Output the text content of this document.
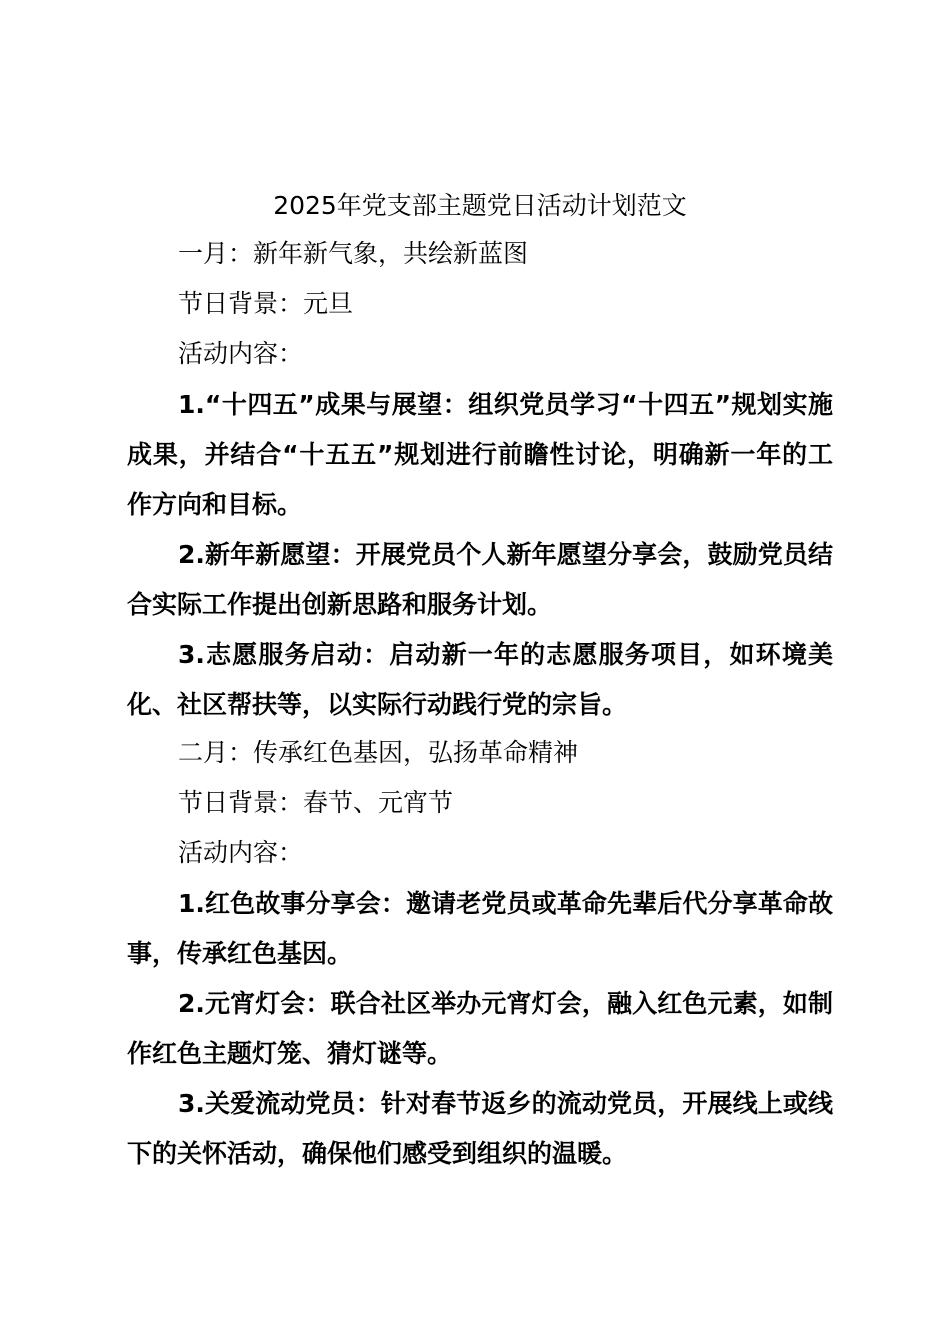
2025年党支部主题党日活动计划范文
一月：新年新气象，共绘新蓝图
节日背景：元旦
活动内容：
1.“十四五”成果与展望：组织党员学习“十四五”规划实施成果，并结合“十五五”规划进行前瞻性讨论，明确新一年的工作方向和目标。
2.新年新愿望：开展党员个人新年愿望分享会，鼓励党员结合实际工作提出创新思路和服务计划。
3.志愿服务启动：启动新一年的志愿服务项目，如环境美化、社区帮扶等，以实际行动践行党的宗旨。
二月：传承红色基因，弘扬革命精神
节日背景：春节、元宵节
活动内容：
1.红色故事分享会：邀请老党员或革命先辈后代分享革命故事，传承红色基因。
2.元宵灯会：联合社区举办元宵灯会，融入红色元素，如制作红色主题灯笼、猜灯谜等。
3.关爱流动党员：针对春节返乡的流动党员，开展线上或线下的关怀活动，确保他们感受到组织的温暖。
